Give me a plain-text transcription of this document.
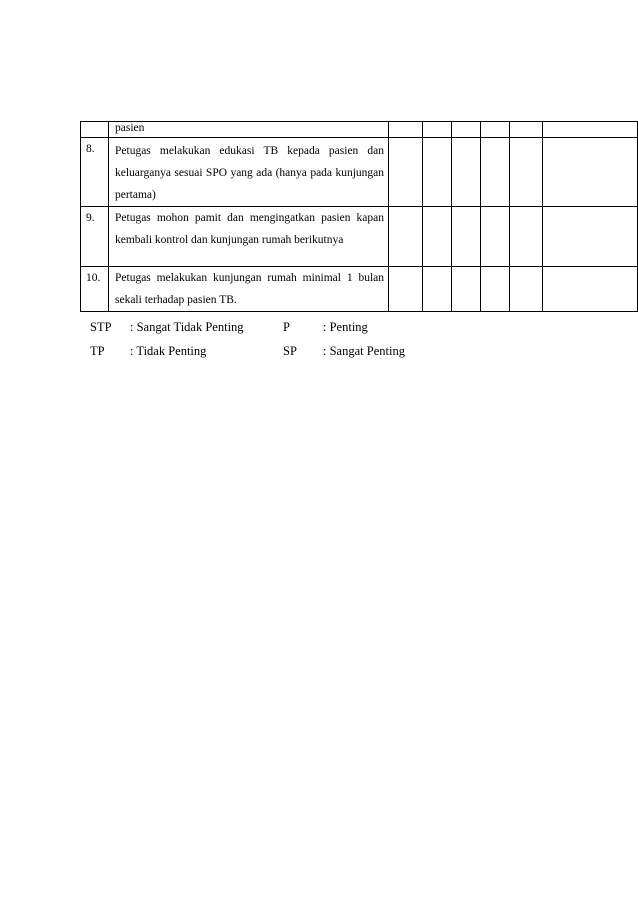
	pasien						
8.	Petugas melakukan edukasi TB kepada pasien dan keluarganya sesuai SPO yang ada (hanya pada kunjungan pertama)						
9.	Petugas mohon pamit dan mengingatkan pasien kapan kembali kontrol dan kunjungan rumah berikutnya						
10.	Petugas melakukan kunjungan rumah minimal 1 bulan sekali terhadap pasien TB.						
STP : Sangat Tidak Penting	P	: Penting
TP : Tidak Penting	SP : Sangat Penting
